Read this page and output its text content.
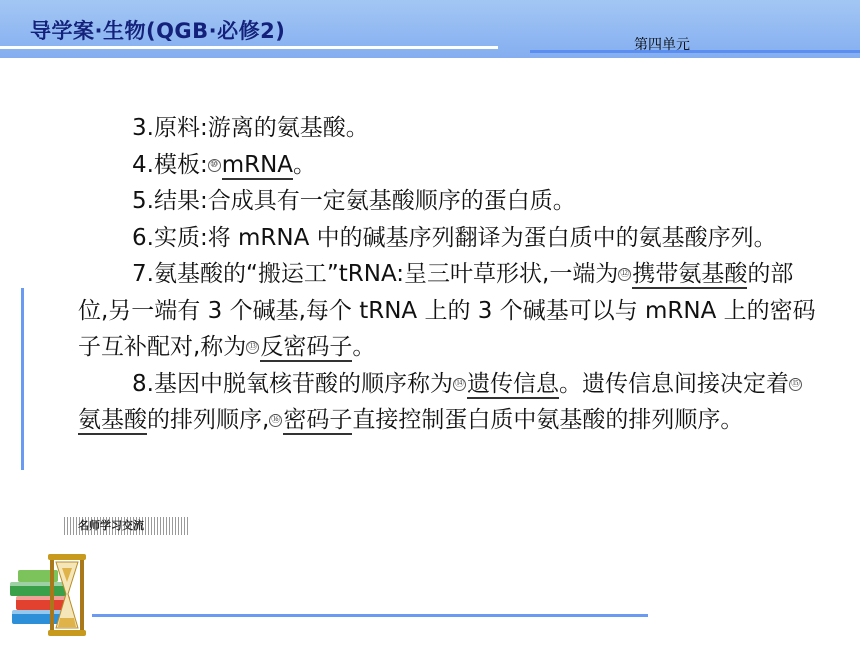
导学案·生物(QGB·必修2)
第四单元

3.原料:游离的氨基酸。

4.模板: ⑩ mRNA。

5.结果:合成具有一定氨基酸顺序的蛋白质。

6.实质:将 mRNA 中的碱基序列翻译为蛋白质中的氨基酸序列。

7.氨基酸的“搬运工”tRNA:呈三叶草形状,一端为 ⑫ 携带氨基酸的部位,另一端有 3 个碱基,每个 tRNA 上的 3 个碱基可以与 mRNA 上的密码子互补配对,称为 ⑬ 反密码子。

8.基因中脱氧核苷酸的顺序称为 ⑭ 遗传信息。遗传信息间接决定着 ⑮氨基酸的排列顺序, ⑯ 密码子直接控制蛋白质中氨基酸的排列顺序。

名师学习交流
